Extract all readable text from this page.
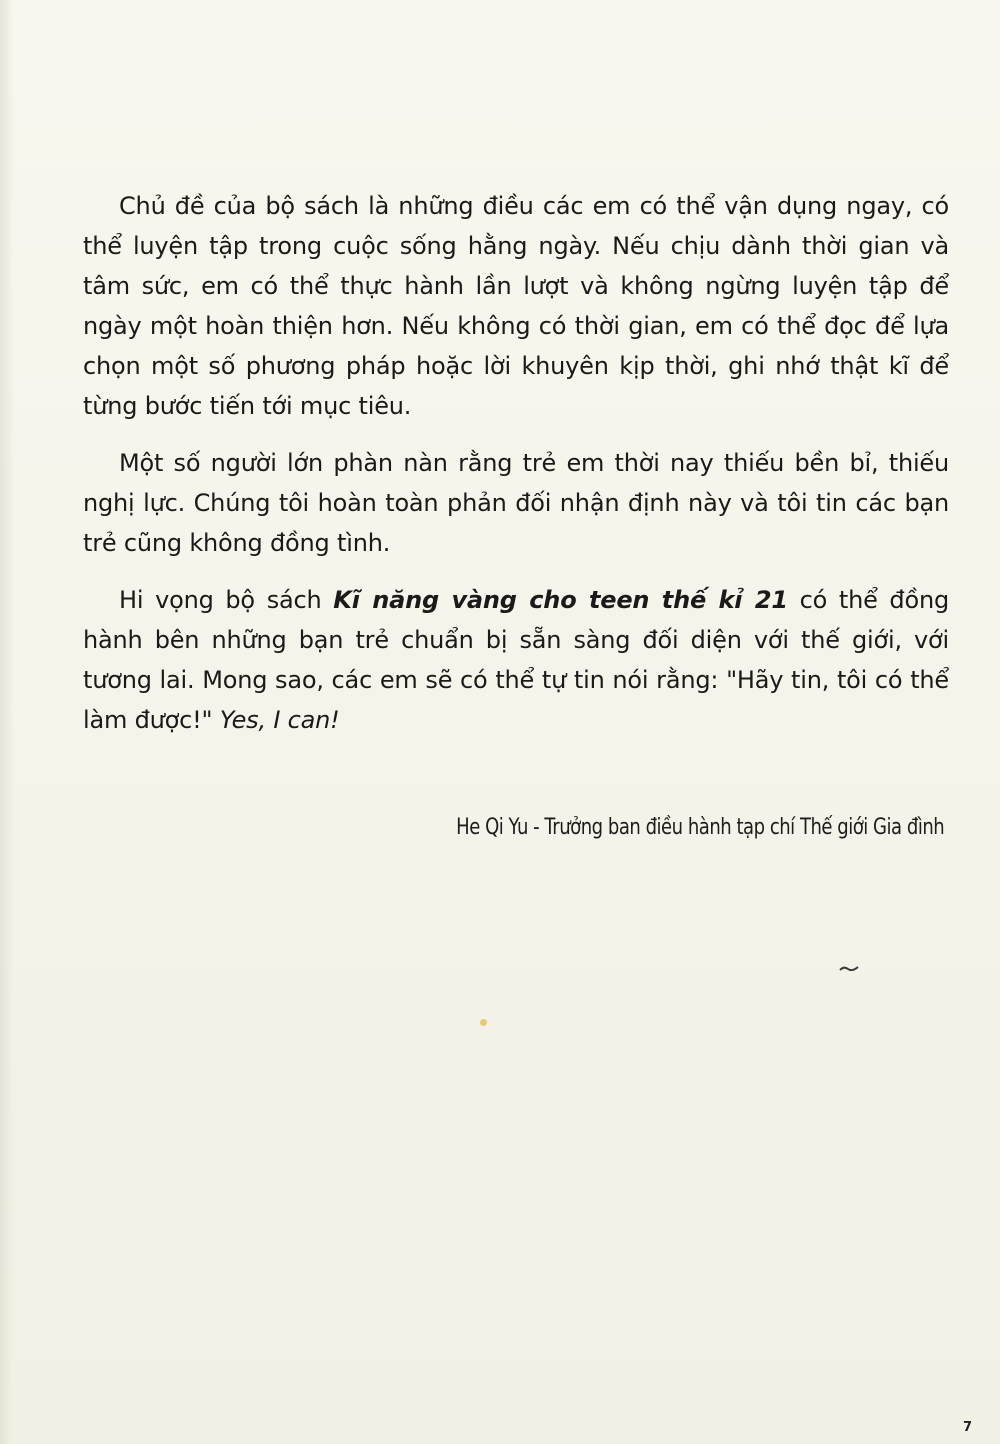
Chủ đề của bộ sách là những điều các em có thể vận dụng ngay, có thể luyện tập trong cuộc sống hằng ngày. Nếu chịu dành thời gian và tâm sức, em có thể thực hành lần lượt và không ngừng luyện tập để ngày một hoàn thiện hơn. Nếu không có thời gian, em có thể đọc để lựa chọn một số phương pháp hoặc lời khuyên kịp thời, ghi nhớ thật kĩ để từng bước tiến tới mục tiêu.

Một số người lớn phàn nàn rằng trẻ em thời nay thiếu bền bỉ, thiếu nghị lực. Chúng tôi hoàn toàn phản đối nhận định này và tôi tin các bạn trẻ cũng không đồng tình.

Hi vọng bộ sách Kĩ năng vàng cho teen thế kỉ 21 có thể đồng hành bên những bạn trẻ chuẩn bị sẵn sàng đối diện với thế giới, với tương lai. Mong sao, các em sẽ có thể tự tin nói rằng: "Hãy tin, tôi có thể làm được!" Yes, I can!

He Qi Yu - Trưởng ban điều hành tạp chí Thế giới Gia đình
7
